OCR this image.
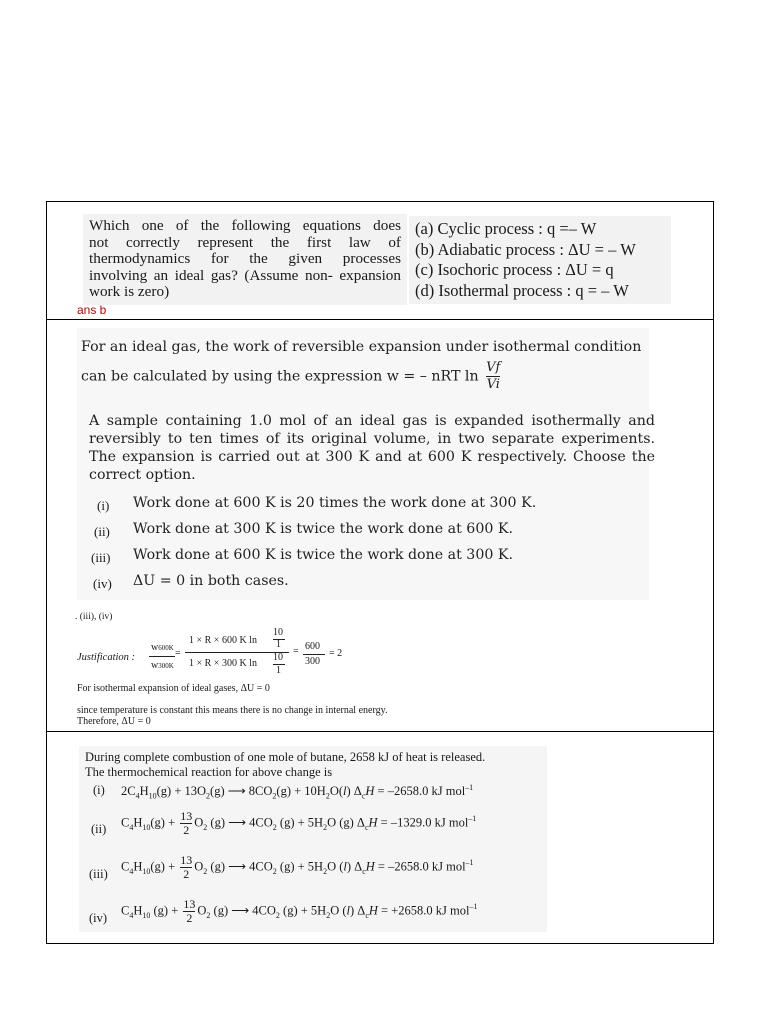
Which one of the following equations does
not correctly represent the first law of
thermodynamics for the given processes
involving an ideal gas? (Assume non- expansion
work is zero)
(a) Cyclic process : q =– W
(b) Adiabatic process : ΔU = – W
(c) Isochoric process : ΔU = q
(d) Isothermal process : q = – W
ans b
For an ideal gas, the work of reversible expansion under isothermal condition
can be calculated by using the expression w = – nRT $\ln \frac{Vf}{Vi}$
A sample containing 1.0 mol of an ideal gas is expanded isothermally and
reversibly to ten times of its original volume, in two separate experiments.
The expansion is carried out at 300 K and at 600 K respectively. Choose the
correct option.
(i) Work done at 600 K is 20 times the work done at 300 K.
(ii) Work done at 300 K is twice the work done at 600 K.
(iii) Work done at 600 K is twice the work done at 300 K.
(iv) ΔU = 0 in both cases.
. (iii), (iv)
Justification :
w600K
w300K
=
1 × R × 600 K ln
10
1
1 × R × 300 K ln
10
1
= 600
300
= 2
For isothermal expansion of ideal gases, ΔU = 0
since temperature is constant this means there is no change in internal energy.
Therefore, ΔU = 0
During complete combustion of one mole of butane, 2658 kJ of heat is released.
The thermochemical reaction for above change is
(i) $2C_4H_{10}(g) + 13O_2(g)$ ⟶ $8CO_2(g) + 10H_2O(l) \Delta_cH = -2658.0$ kJ mol$^{-1}$
(ii) $C_4H_{10}(g) + \frac{13}{2} O_2$ (g) ⟶ $4CO_2$ $(g) + 5H_2O$ (g) $\Delta_cH = -1329.0$ kJ mol$^{-1}$
(iii)
$C_4H_{10}(g) + \frac{13}{2} O_2$ (g) ⟶ $4CO_2$ $(g) + 5H_2O$ (l) $\Delta_cH = -2658.0$ kJ mol$^{-1}$
(iv)
$C_4H_{10}$ $(g) + \frac{13}{2} O_2$ (g) ⟶ $4CO_2$ $(g) + 5H_2O$ (l) $\Delta_cH = +2658.0$ kJ mol$^{-1}$
